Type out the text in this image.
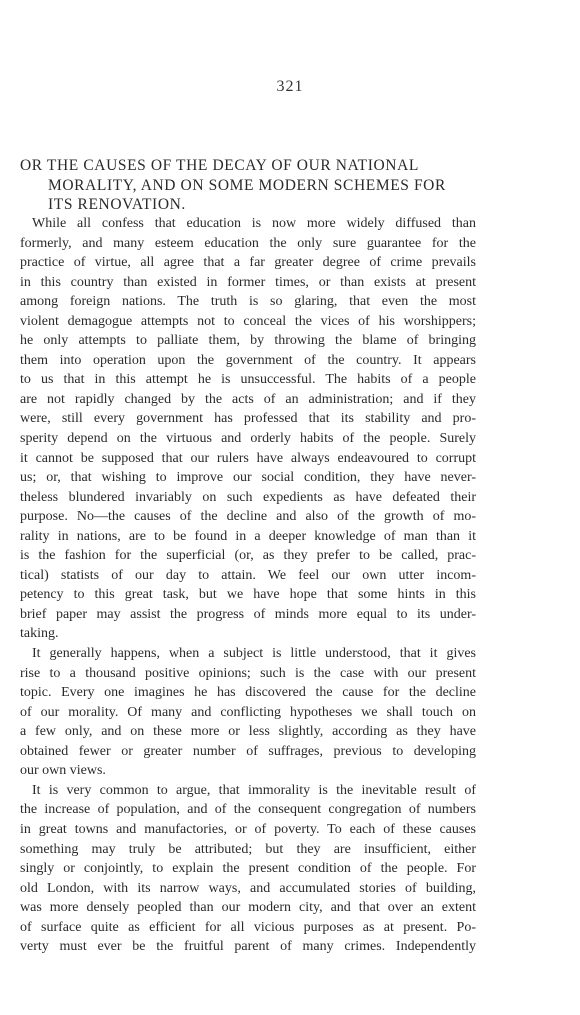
321
OR THE CAUSES OF THE DECAY OF OUR NATIONAL
MORALITY, AND ON SOME MODERN SCHEMES FOR
ITS RENOVATION.
While all confess that education is now more widely diffused than
formerly, and many esteem education the only sure guarantee for the
practice of virtue, all agree that a far greater degree of crime prevails
in this country than existed in former times, or than exists at present
among foreign nations. The truth is so glaring, that even the most
violent demagogue attempts not to conceal the vices of his worshippers;
he only attempts to palliate them, by throwing the blame of bringing
them into operation upon the government of the country. It appears
to us that in this attempt he is unsuccessful. The habits of a people
are not rapidly changed by the acts of an administration; and if they
were, still every government has professed that its stability and pro-
sperity depend on the virtuous and orderly habits of the people. Surely
it cannot be supposed that our rulers have always endeavoured to corrupt
us; or, that wishing to improve our social condition, they have never-
theless blundered invariably on such expedients as have defeated their
purpose. No—the causes of the decline and also of the growth of mo-
rality in nations, are to be found in a deeper knowledge of man than it
is the fashion for the superficial (or, as they prefer to be called, prac-
tical) statists of our day to attain. We feel our own utter incom-
petency to this great task, but we have hope that some hints in this
brief paper may assist the progress of minds more equal to its under-
taking.
It generally happens, when a subject is little understood, that it gives
rise to a thousand positive opinions; such is the case with our present
topic. Every one imagines he has discovered the cause for the decline
of our morality. Of many and conflicting hypotheses we shall touch on
a few only, and on these more or less slightly, according as they have
obtained fewer or greater number of suffrages, previous to developing
our own views.
It is very common to argue, that immorality is the inevitable result of
the increase of population, and of the consequent congregation of numbers
in great towns and manufactories, or of poverty. To each of these causes
something may truly be attributed; but they are insufficient, either
singly or conjointly, to explain the present condition of the people. For
old London, with its narrow ways, and accumulated stories of building,
was more densely peopled than our modern city, and that over an extent
of surface quite as efficient for all vicious purposes as at present. Po-
verty must ever be the fruitful parent of many crimes. Independently
